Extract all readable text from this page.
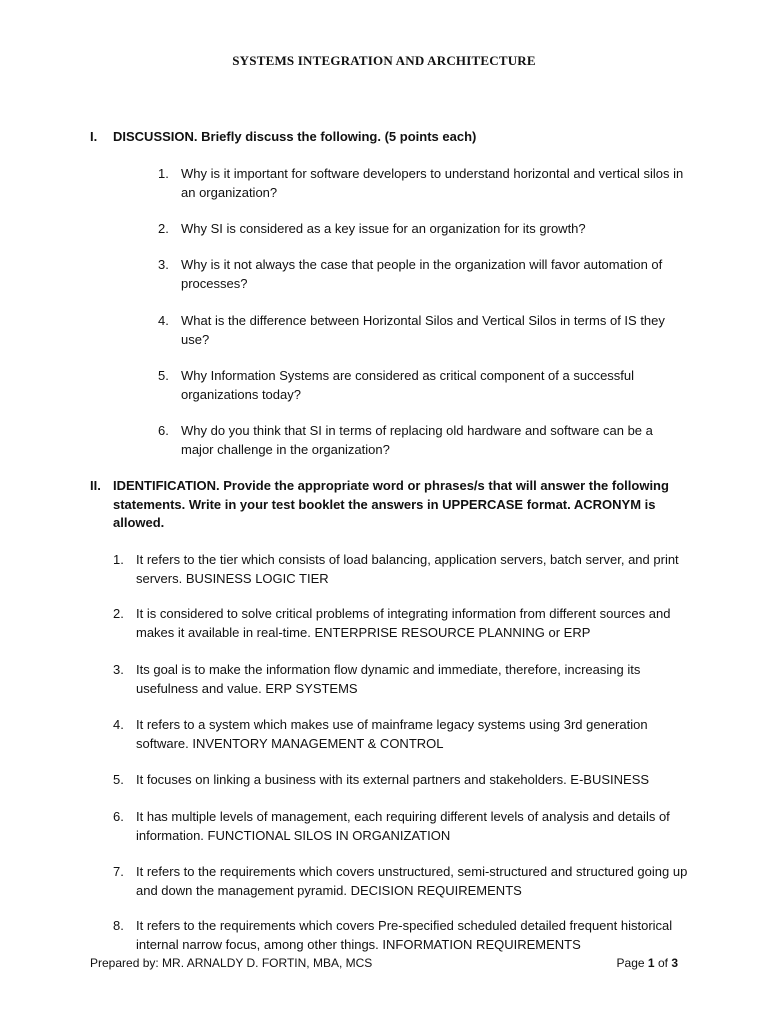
SYSTEMS INTEGRATION AND ARCHITECTURE
I. DISCUSSION. Briefly discuss the following. (5 points each)
1. Why is it important for software developers to understand horizontal and vertical silos in an organization?
2. Why SI is considered as a key issue for an organization for its growth?
3. Why is it not always the case that people in the organization will favor automation of processes?
4. What is the difference between Horizontal Silos and Vertical Silos in terms of IS they use?
5. Why Information Systems are considered as critical component of a successful organizations today?
6. Why do you think that SI in terms of replacing old hardware and software can be a major challenge in the organization?
II. IDENTIFICATION. Provide the appropriate word or phrases/s that will answer the following statements. Write in your test booklet the answers in UPPERCASE format. ACRONYM is allowed.
1. It refers to the tier which consists of load balancing, application servers, batch server, and print servers. BUSINESS LOGIC TIER
2. It is considered to solve critical problems of integrating information from different sources and makes it available in real-time. ENTERPRISE RESOURCE PLANNING or ERP
3. Its goal is to make the information flow dynamic and immediate, therefore, increasing its usefulness and value. ERP SYSTEMS
4. It refers to a system which makes use of mainframe legacy systems using 3rd generation software. INVENTORY MANAGEMENT & CONTROL
5. It focuses on linking a business with its external partners and stakeholders. E-BUSINESS
6. It has multiple levels of management, each requiring different levels of analysis and details of information. FUNCTIONAL SILOS IN ORGANIZATION
7. It refers to the requirements which covers unstructured, semi-structured and structured going up and down the management pyramid. DECISION REQUIREMENTS
8. It refers to the requirements which covers Pre-specified scheduled detailed frequent historical internal narrow focus, among other things. INFORMATION REQUIREMENTS
Prepared by: MR. ARNALDY D. FORTIN, MBA, MCS	Page 1 of 3
